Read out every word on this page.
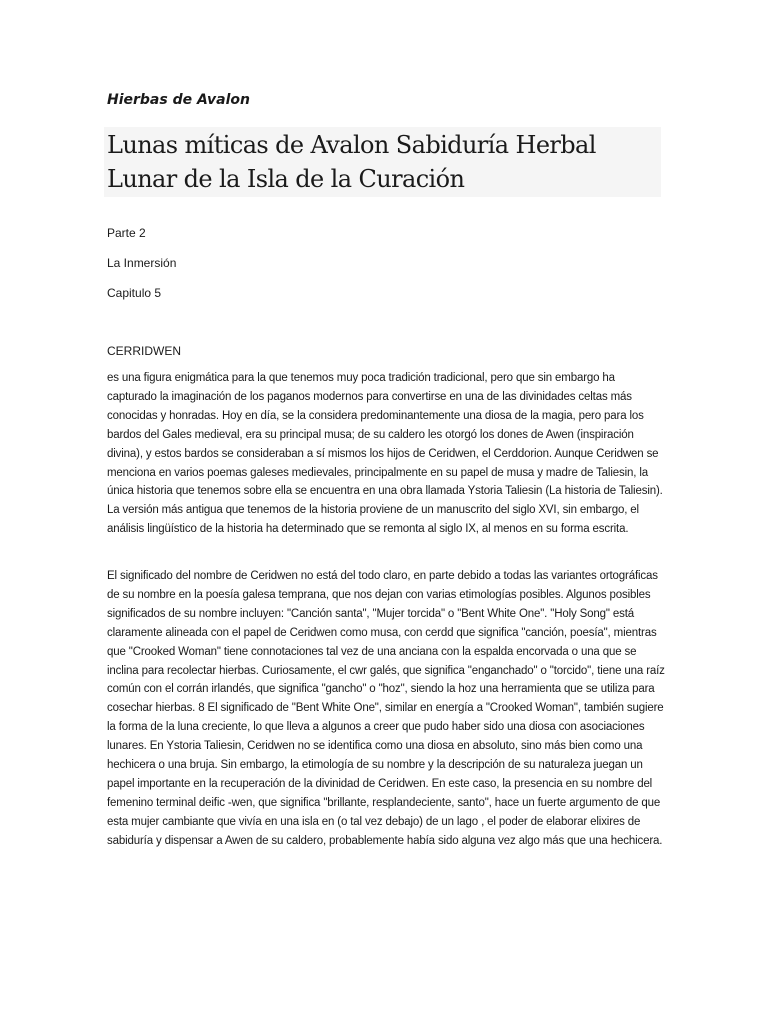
Hierbas de Avalon

Lunas míticas de Avalon Sabiduría Herbal Lunar de la Isla de la Curación

Parte 2

La Inmersión

Capitulo 5

CERRIDWEN

es una figura enigmática para la que tenemos muy poca tradición tradicional, pero que sin embargo ha capturado la imaginación de los paganos modernos para convertirse en una de las divinidades celtas más conocidas y honradas. Hoy en día, se la considera predominantemente una diosa de la magia, pero para los bardos del Gales medieval, era su principal musa; de su caldero les otorgó los dones de Awen (inspiración divina), y estos bardos se consideraban a sí mismos los hijos de Ceridwen, el Cerddorion. Aunque Ceridwen se menciona en varios poemas galeses medievales, principalmente en su papel de musa y madre de Taliesin, la única historia que tenemos sobre ella se encuentra en una obra llamada Ystoria Taliesin (La historia de Taliesin). La versión más antigua que tenemos de la historia proviene de un manuscrito del siglo XVI, sin embargo, el análisis lingüístico de la historia ha determinado que se remonta al siglo IX, al menos en su forma escrita.

El significado del nombre de Ceridwen no está del todo claro, en parte debido a todas las variantes ortográficas de su nombre en la poesía galesa temprana, que nos dejan con varias etimologías posibles. Algunos posibles significados de su nombre incluyen: "Canción santa", "Mujer torcida" o "Bent White One". "Holy Song" está claramente alineada con el papel de Ceridwen como musa, con cerdd que significa "canción, poesía", mientras que "Crooked Woman" tiene connotaciones tal vez de una anciana con la espalda encorvada o una que se inclina para recolectar hierbas. Curiosamente, el cwr galés, que significa "enganchado" o "torcido", tiene una raíz común con el corrán irlandés, que significa "gancho" o "hoz", siendo la hoz una herramienta que se utiliza para cosechar hierbas. 8 El significado de "Bent White One", similar en energía a "Crooked Woman", también sugiere la forma de la luna creciente, lo que lleva a algunos a creer que pudo haber sido una diosa con asociaciones lunares. En Ystoria Taliesin, Ceridwen no se identifica como una diosa en absoluto, sino más bien como una hechicera o una bruja. Sin embargo, la etimología de su nombre y la descripción de su naturaleza juegan un papel importante en la recuperación de la divinidad de Ceridwen. En este caso, la presencia en su nombre del femenino terminal deific -wen, que significa "brillante, resplandeciente, santo", hace un fuerte argumento de que esta mujer cambiante que vivía en una isla en (o tal vez debajo) de un lago , el poder de elaborar elixires de sabiduría y dispensar a Awen de su caldero, probablemente había sido alguna vez algo más que una hechicera.
